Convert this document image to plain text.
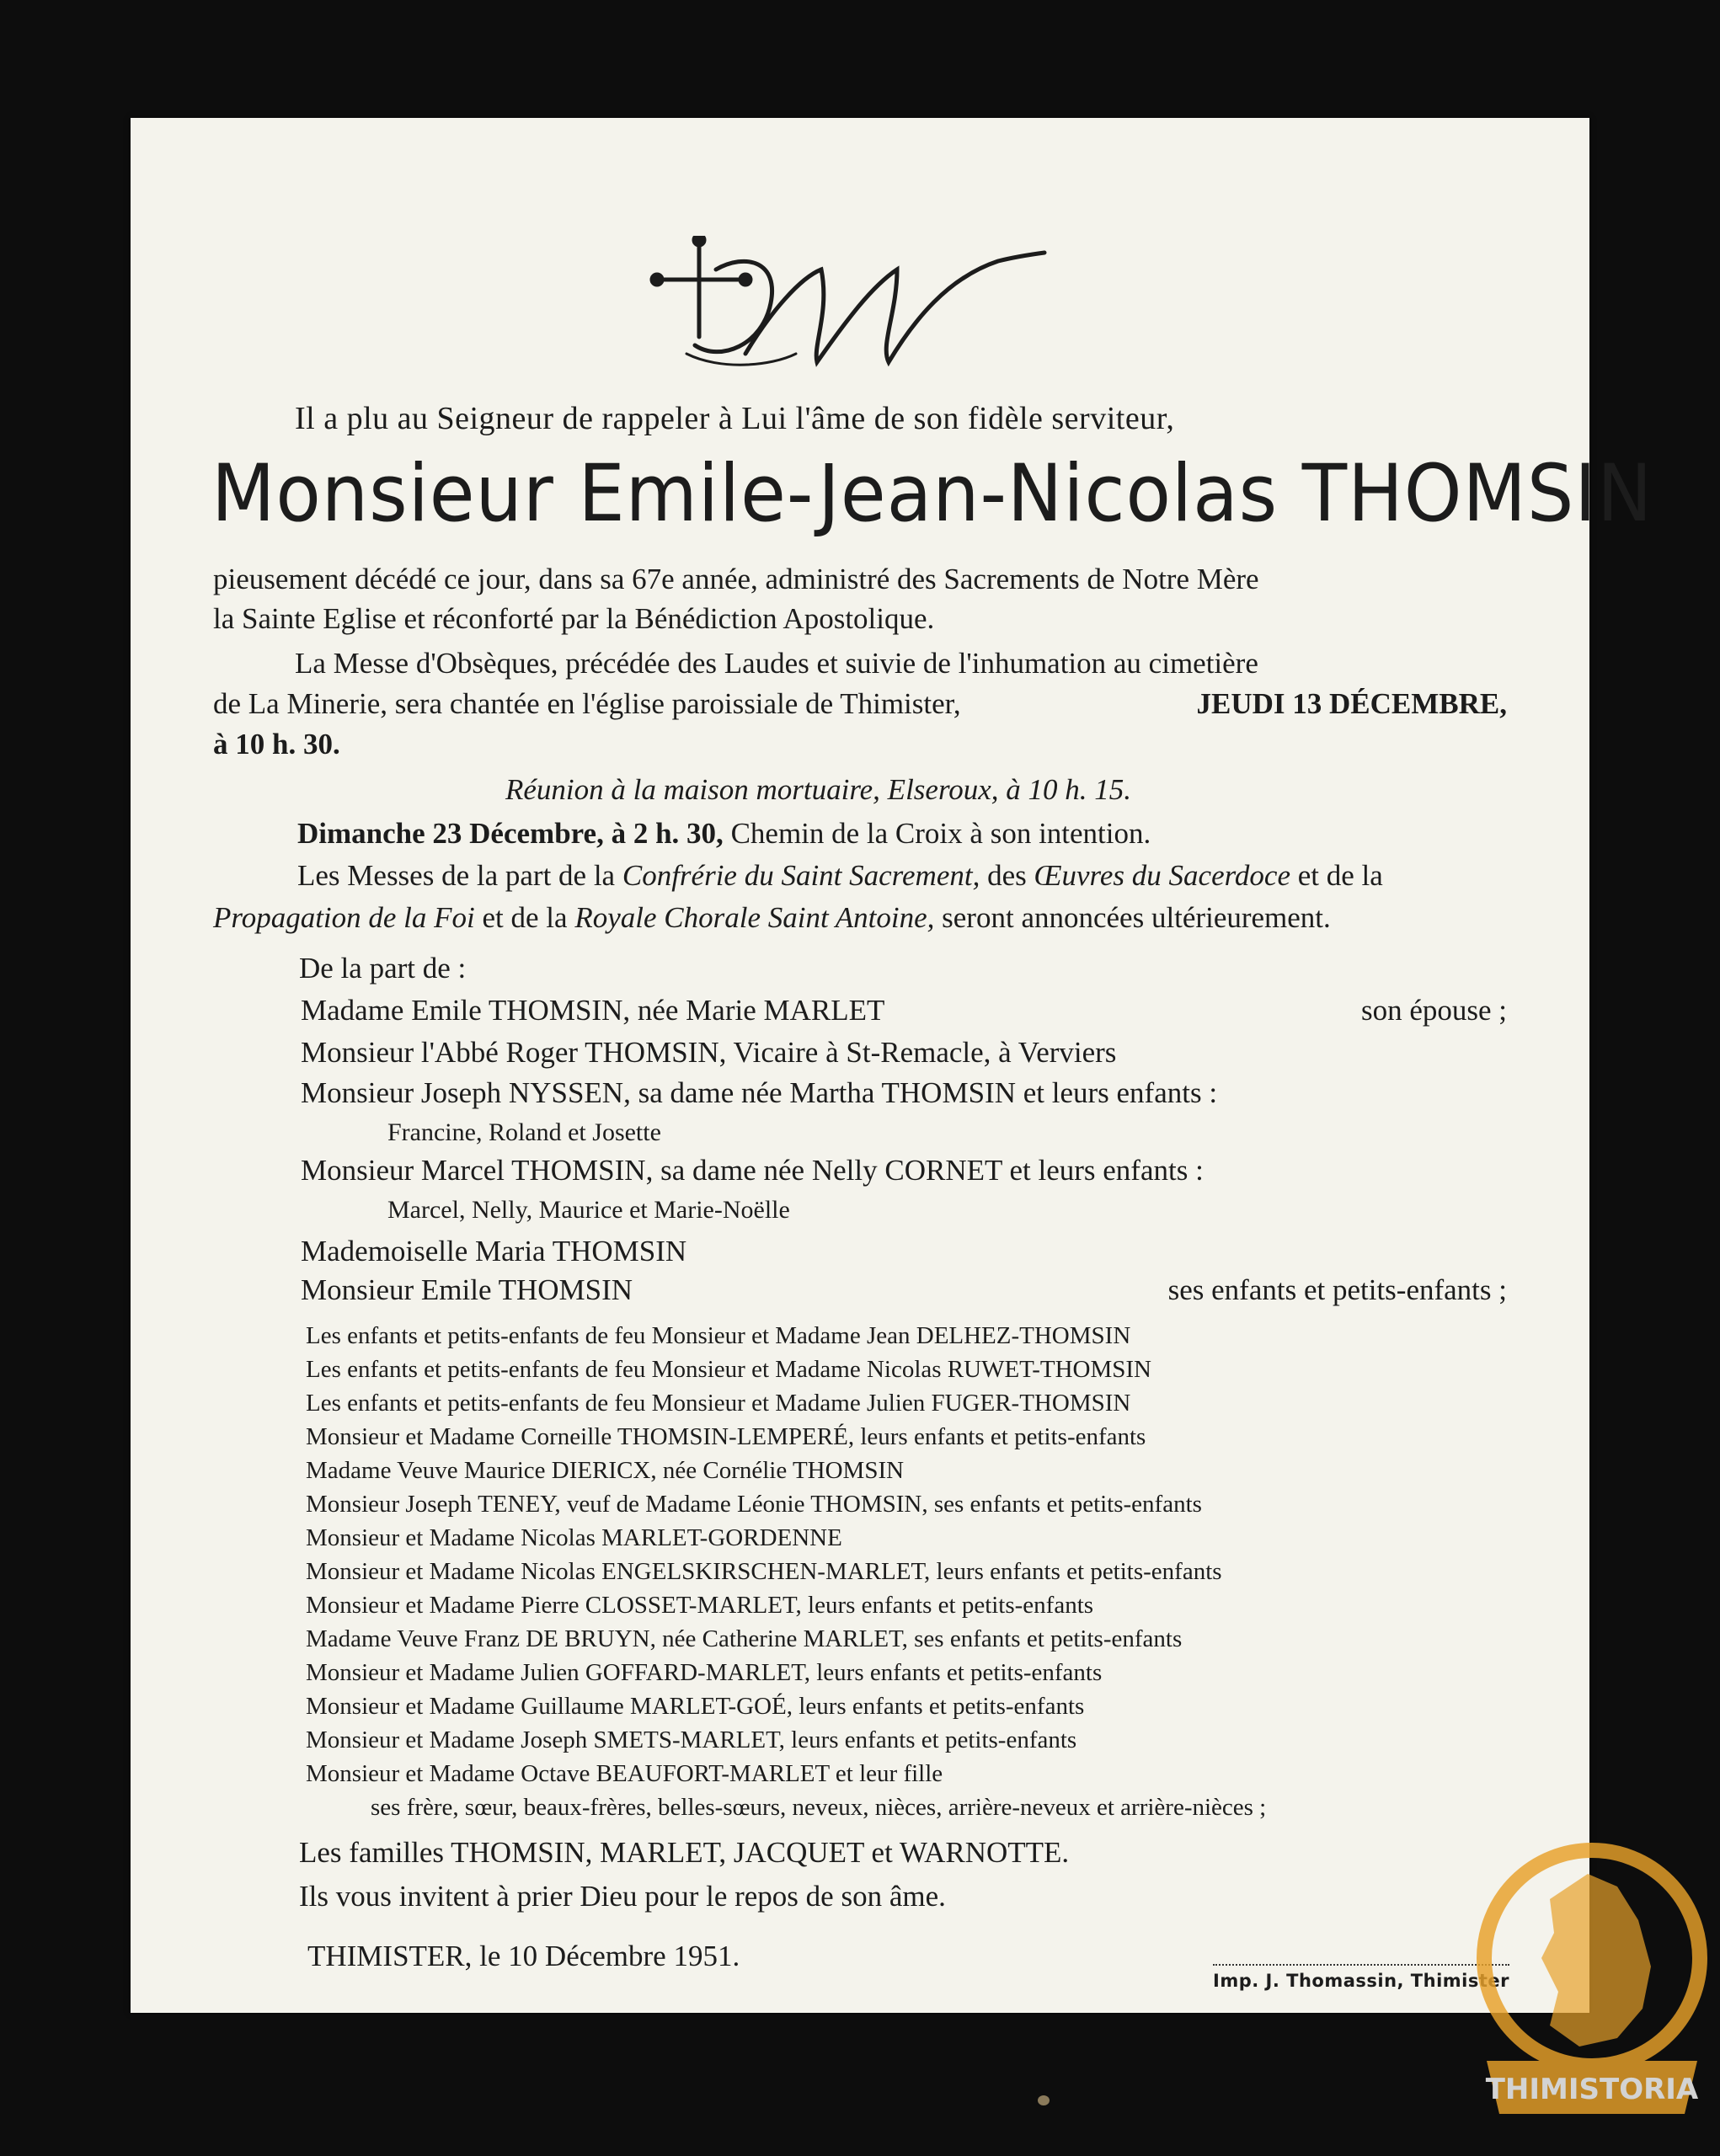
Il a plu au Seigneur de rappeler à Lui l'âme de son fidèle serviteur,
Monsieur Emile-Jean-Nicolas THOMSIN
pieusement décédé ce jour, dans sa 67e année, administré des Sacrements de Notre Mère
la Sainte Eglise et réconforté par la Bénédiction Apostolique.
La Messe d'Obsèques, précédée des Laudes et suivie de l'inhumation au cimetière
de La Minerie, sera chantée en l'église paroissiale de Thimister,	JEUDI 13 DÉCEMBRE,
à 10 h. 30.
Réunion à la maison mortuaire, Elseroux, à 10 h. 15.
Dimanche 23 Décembre, à 2 h. 30, Chemin de la Croix à son intention.
Les Messes de la part de la Confrérie du Saint Sacrement, des Œuvres du Sacerdoce et de la
Propagation de la Foi et de la Royale Chorale Saint Antoine, seront annoncées ultérieurement.
De la part de :
Madame Emile THOMSIN, née Marie MARLET	son épouse ;
Monsieur l'Abbé Roger THOMSIN, Vicaire à St-Remacle, à Verviers
Monsieur Joseph NYSSEN, sa dame née Martha THOMSIN et leurs enfants :
Francine, Roland et Josette
Monsieur Marcel THOMSIN, sa dame née Nelly CORNET et leurs enfants :
Marcel, Nelly, Maurice et Marie-Noëlle
Mademoiselle Maria THOMSIN
Monsieur Emile THOMSIN	ses enfants et petits-enfants ;
Les enfants et petits-enfants de feu Monsieur et Madame Jean DELHEZ-THOMSIN
Les enfants et petits-enfants de feu Monsieur et Madame Nicolas RUWET-THOMSIN
Les enfants et petits-enfants de feu Monsieur et Madame Julien FUGER-THOMSIN
Monsieur et Madame Corneille THOMSIN-LEMPERÉ, leurs enfants et petits-enfants
Madame Veuve Maurice DIERICX, née Cornélie THOMSIN
Monsieur Joseph TENEY, veuf de Madame Léonie THOMSIN, ses enfants et petits-enfants
Monsieur et Madame Nicolas MARLET-GORDENNE
Monsieur et Madame Nicolas ENGELSKIRSCHEN-MARLET, leurs enfants et petits-enfants
Monsieur et Madame Pierre CLOSSET-MARLET, leurs enfants et petits-enfants
Madame Veuve Franz DE BRUYN, née Catherine MARLET, ses enfants et petits-enfants
Monsieur et Madame Julien GOFFARD-MARLET, leurs enfants et petits-enfants
Monsieur et Madame Guillaume MARLET-GOÉ, leurs enfants et petits-enfants
Monsieur et Madame Joseph SMETS-MARLET, leurs enfants et petits-enfants
Monsieur et Madame Octave BEAUFORT-MARLET et leur fille
ses frère, sœur, beaux-frères, belles-sœurs, neveux, nièces, arrière-neveux et arrière-nièces ;
Les familles THOMSIN, MARLET, JACQUET et WARNOTTE.
Ils vous invitent à prier Dieu pour le repos de son âme.
THIMISTER, le 10 Décembre 1951.
Imp. J. Thomassin, Thimister
THIMISTORIA
